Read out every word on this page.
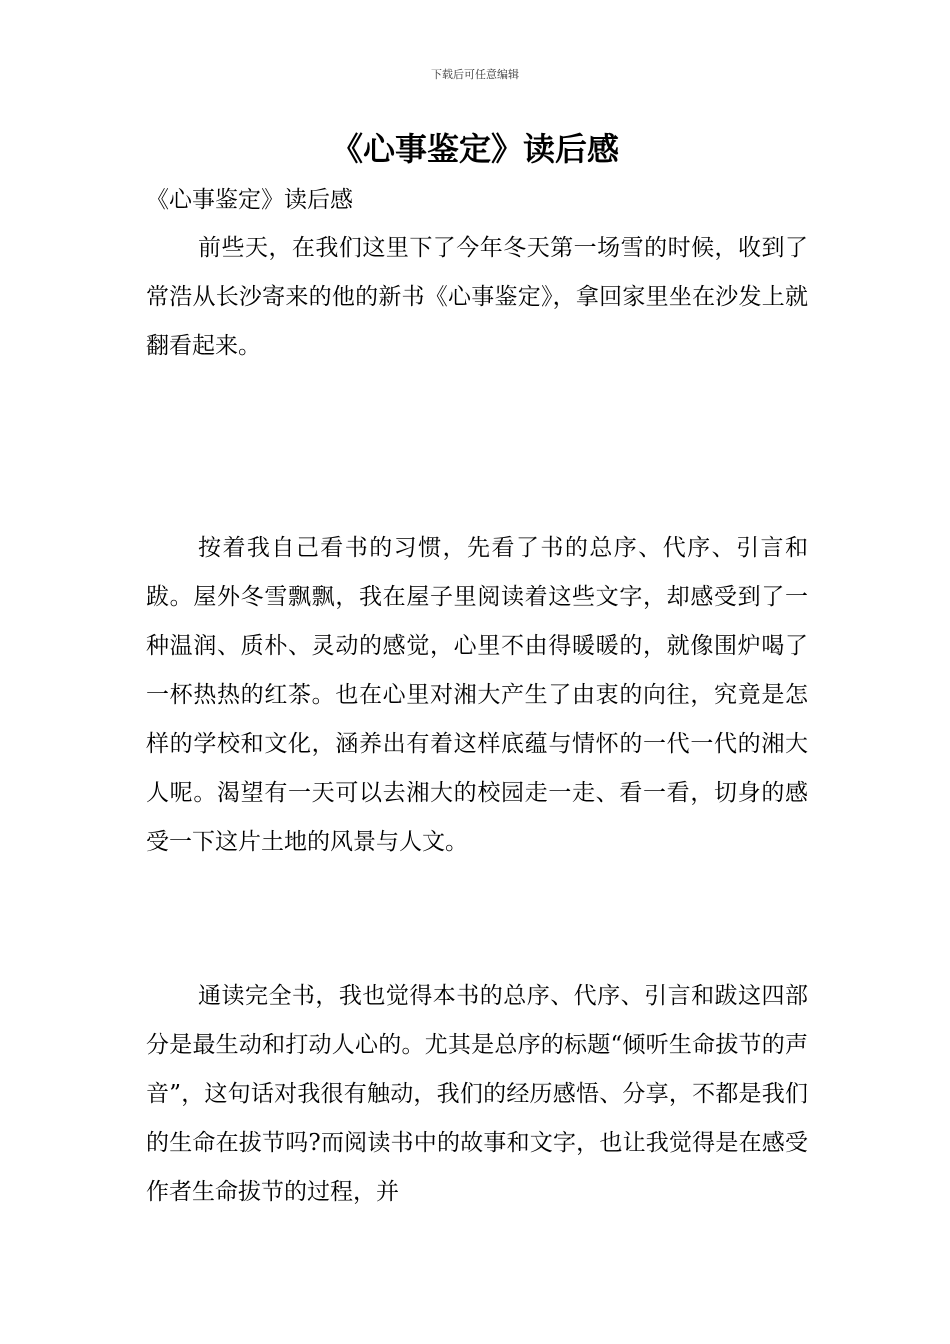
下载后可任意编辑
《心事鉴定》读后感

《心事鉴定》读后感

前些天，在我们这里下了今年冬天第一场雪的时候，收到了常浩从长沙寄来的他的新书《心事鉴定》，拿回家里坐在沙发上就翻看起来。

按着我自己看书的习惯，先看了书的总序、代序、引言和跋。屋外冬雪飘飘，我在屋子里阅读着这些文字，却感受到了一种温润、质朴、灵动的感觉，心里不由得暖暖的，就像围炉喝了一杯热热的红茶。也在心里对湘大产生了由衷的向往，究竟是怎样的学校和文化，涵养出有着这样底蕴与情怀的一代一代的湘大人呢。渴望有一天可以去湘大的校园走一走、看一看，切身的感受一下这片土地的风景与人文。

通读完全书，我也觉得本书的总序、代序、引言和跋这四部分是最生动和打动人心的。尤其是总序的标题“倾听生命拔节的声音”，这句话对我很有触动，我们的经历感悟、分享，不都是我们的生命在拔节吗?而阅读书中的故事和文字，也让我觉得是在感受作者生命拔节的过程，并
